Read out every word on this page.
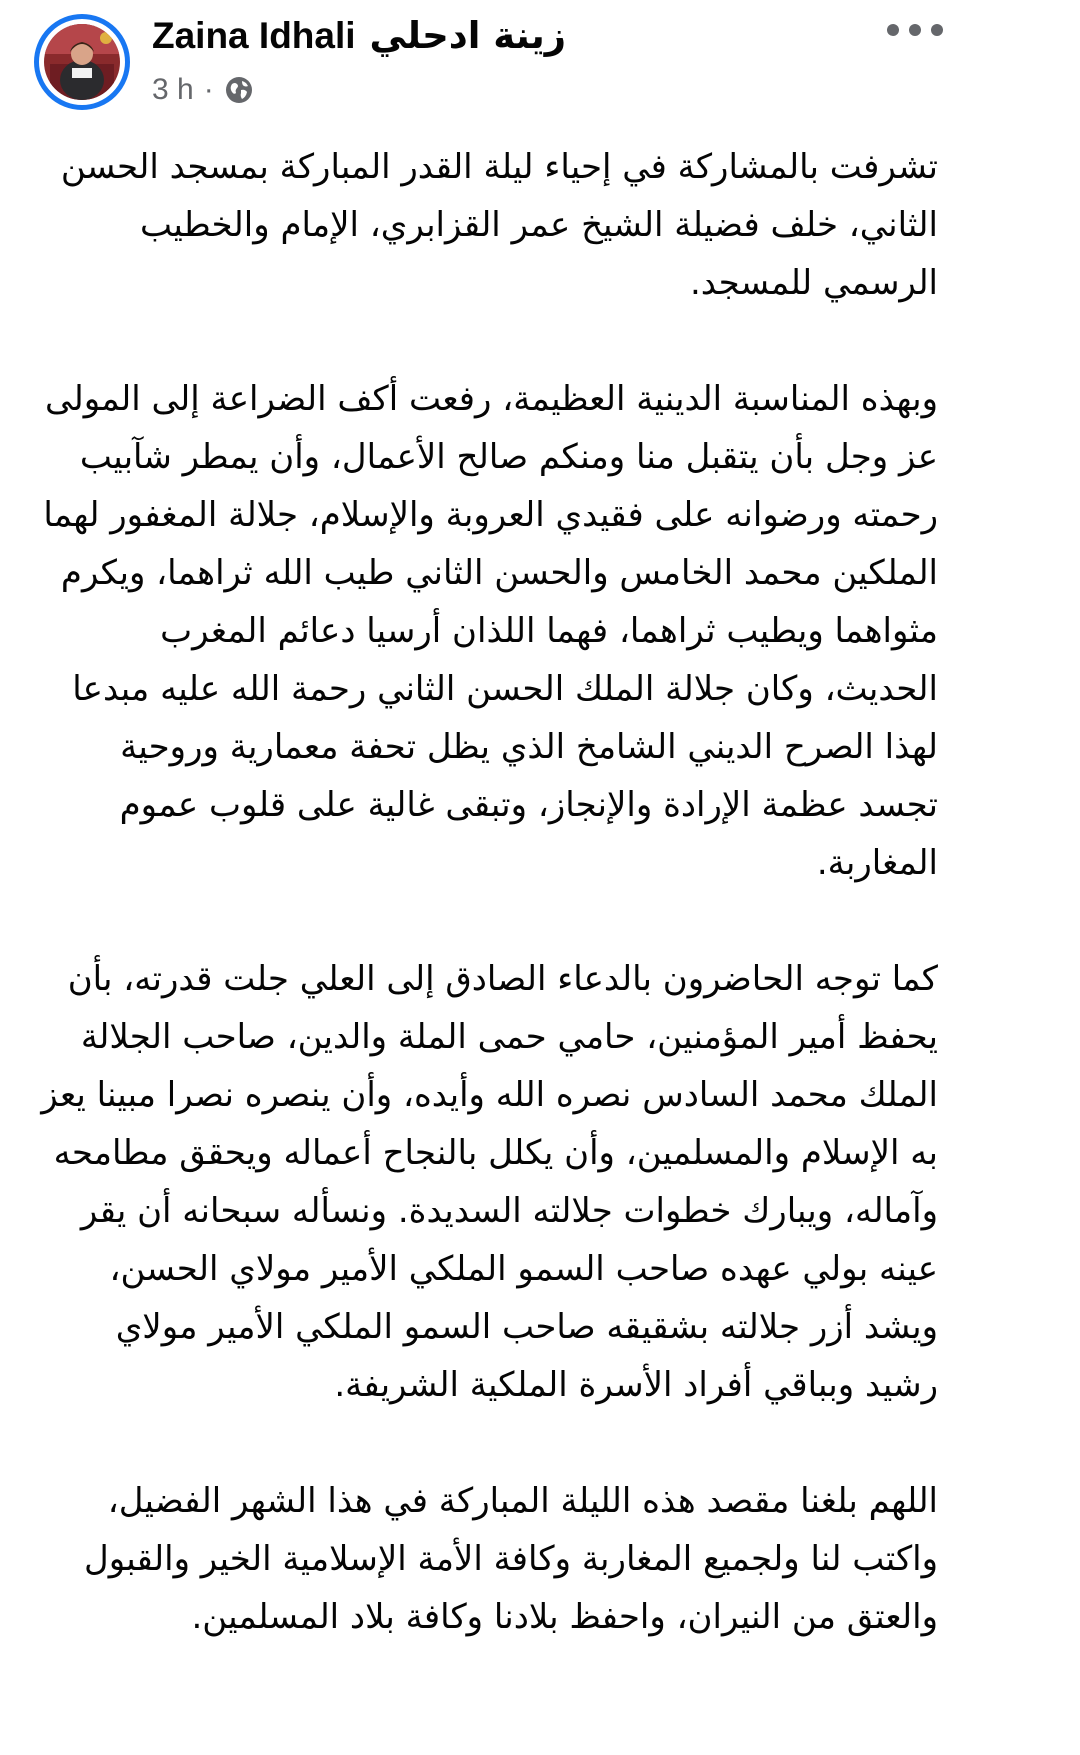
Zaina Idhali زينة ادحلي
3 h ·

تشرفت بالمشاركة في إحياء ليلة القدر المباركة بمسجد الحسن الثاني، خلف فضيلة الشيخ عمر القزابري، الإمام والخطيب الرسمي للمسجد.

وبهذه المناسبة الدينية العظيمة، رفعت أكف الضراعة إلى المولى عز وجل بأن يتقبل منا ومنكم صالح الأعمال، وأن يمطر شآبيب رحمته ورضوانه على فقيدي العروبة والإسلام، جلالة المغفور لهما الملكين محمد الخامس والحسن الثاني طيب الله ثراهما، ويكرم مثواهما ويطيب ثراهما، فهما اللذان أرسيا دعائم المغرب الحديث، وكان جلالة الملك الحسن الثاني رحمة الله عليه مبدعا لهذا الصرح الديني الشامخ الذي يظل تحفة معمارية وروحية تجسد عظمة الإرادة والإنجاز، وتبقى غالية على قلوب عموم المغاربة.

كما توجه الحاضرون بالدعاء الصادق إلى العلي جلت قدرته، بأن يحفظ أمير المؤمنين، حامي حمى الملة والدين، صاحب الجلالة الملك محمد السادس نصره الله وأيده، وأن ينصره نصرا مبينا يعز به الإسلام والمسلمين، وأن يكلل بالنجاح أعماله ويحقق مطامحه وآماله، ويبارك خطوات جلالته السديدة. ونسأله سبحانه أن يقر عينه بولي عهده صاحب السمو الملكي الأمير مولاي الحسن، ويشد أزر جلالته بشقيقه صاحب السمو الملكي الأمير مولاي رشيد وبباقي أفراد الأسرة الملكية الشريفة.

اللهم بلغنا مقصد هذه الليلة المباركة في هذا الشهر الفضيل، واكتب لنا ولجميع المغاربة وكافة الأمة الإسلامية الخير والقبول والعتق من النيران، واحفظ بلادنا وكافة بلاد المسلمين.
